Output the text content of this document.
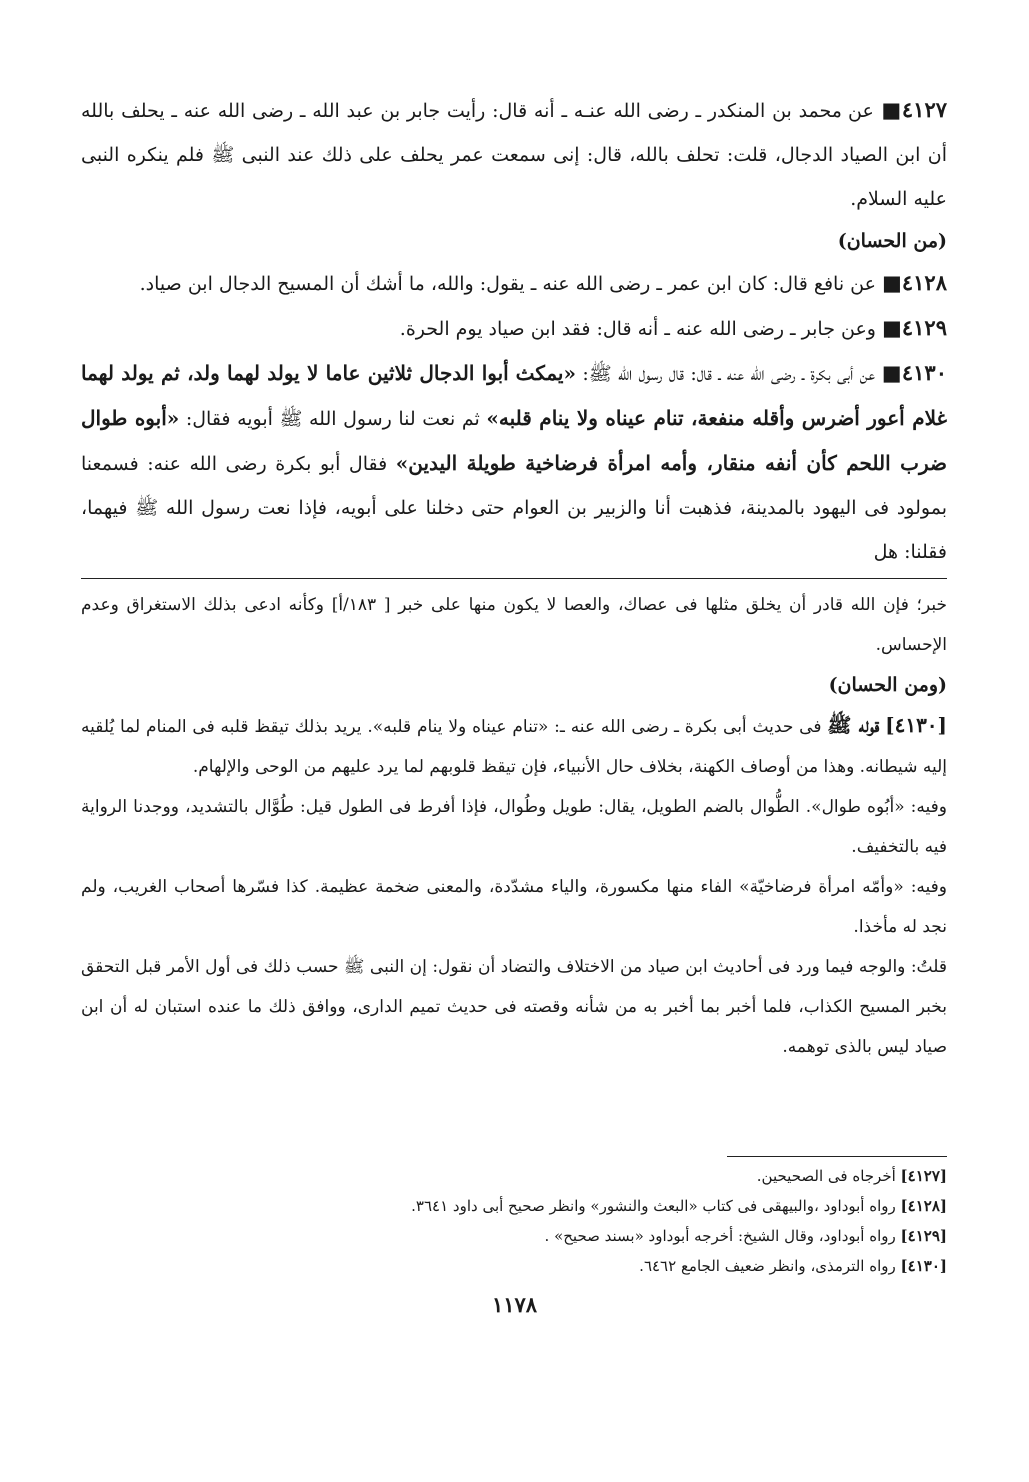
٤١٢٧■ عن محمد بن المنكدر ـ رضى الله عنـه ـ أنه قال: رأيت جابر بن عبد الله ـ رضى الله عنه ـ يحلف بالله أن ابن الصياد الدجال، قلت: تحلف بالله، قال: إنى سمعت عمر يحلف على ذلك عند النبى ﷺ فلم ينكره النبى عليه السلام.

(من الحسان)

٤١٢٨■ عن نافع قال: كان ابن عمر ـ رضى الله عنه ـ يقول: والله، ما أشك أن المسيح الدجال ابن صياد.

٤١٢٩■ وعن جابر ـ رضى الله عنه ـ أنه قال: فقد ابن صياد يوم الحرة.

٤١٣٠■ عن أبى بكرة ـ رضى الله عنه ـ قال: قال رسول الله ﷺ: «يمكث أبوا الدجال ثلاثين عاما لا يولد لهما ولد، ثم يولد لهما غلام أعور أضرس وأقله منفعة، تنام عيناه ولا ينام قلبه» ثم نعت لنا رسول الله ﷺ أبويه فقال: «أبوه طوال ضرب اللحم كأن أنفه منقار، وأمه امرأة فرضاخية طويلة اليدين» فقال أبو بكرة رضى الله عنه: فسمعنا بمولود فى اليهود بالمدينة، فذهبت أنا والزبير بن العوام حتى دخلنا على أبويه، فإذا نعت رسول الله ﷺ فيهما، فقلنا: هل

خبر؛ فإن الله قادر أن يخلق مثلها فى عصاك، والعصا لا يكون منها على خبر [ ١٨٣/أ] وكأنه ادعى بذلك الاستغراق وعدم الإحساس.

(ومن الحسان)

[٤١٣٠] قوله ﷺ فى حديث أبى بكرة ـ رضى الله عنه ـ: «تنام عيناه ولا ينام قلبه». يريد بذلك تيقظ قلبه فى المنام لما يُلقيه إليه شيطانه. وهذا من أوصاف الكهنة، بخلاف حال الأنبياء، فإن تيقظ قلوبهم لما يرد عليهم من الوحى والإلهام.

وفيه: «أبُوه طوال». الطُّوال بالضم الطويل، يقال: طويل وطُوال، فإذا أفرط فى الطول قيل: طُوَّال بالتشديد، ووجدنا الرواية فيه بالتخفيف.

وفيه: «وأمّه امرأة فرضاخيّة» الفاء منها مكسورة، والياء مشدّدة، والمعنى ضخمة عظيمة. كذا فسّرها أصحاب الغريب، ولم نجد له مأخذا.

قلتُ: والوجه فيما ورد فى أحاديث ابن صياد من الاختلاف والتضاد أن نقول: إن النبى ﷺ حسب ذلك فى أول الأمر قبل التحقق بخبر المسيح الكذاب، فلما أخبر بما أخبر به من شأنه وقصته فى حديث تميم الدارى، ووافق ذلك ما عنده استبان له أن ابن صياد ليس بالذى توهمه.

[٤١٢٧] أخرجاه فى الصحيحين.

[٤١٢٨] رواه أبوداود ،والبيهقى فى كتاب «البعث والنشور» وانظر صحيح أبى داود ٣٦٤١.

[٤١٢٩] رواه أبوداود، وقال الشيخ: أخرجه أبوداود «بسند صحيح» .

[٤١٣٠] رواه الترمذى، وانظر ضعيف الجامع ٦٤٦٢.

١١٧٨
